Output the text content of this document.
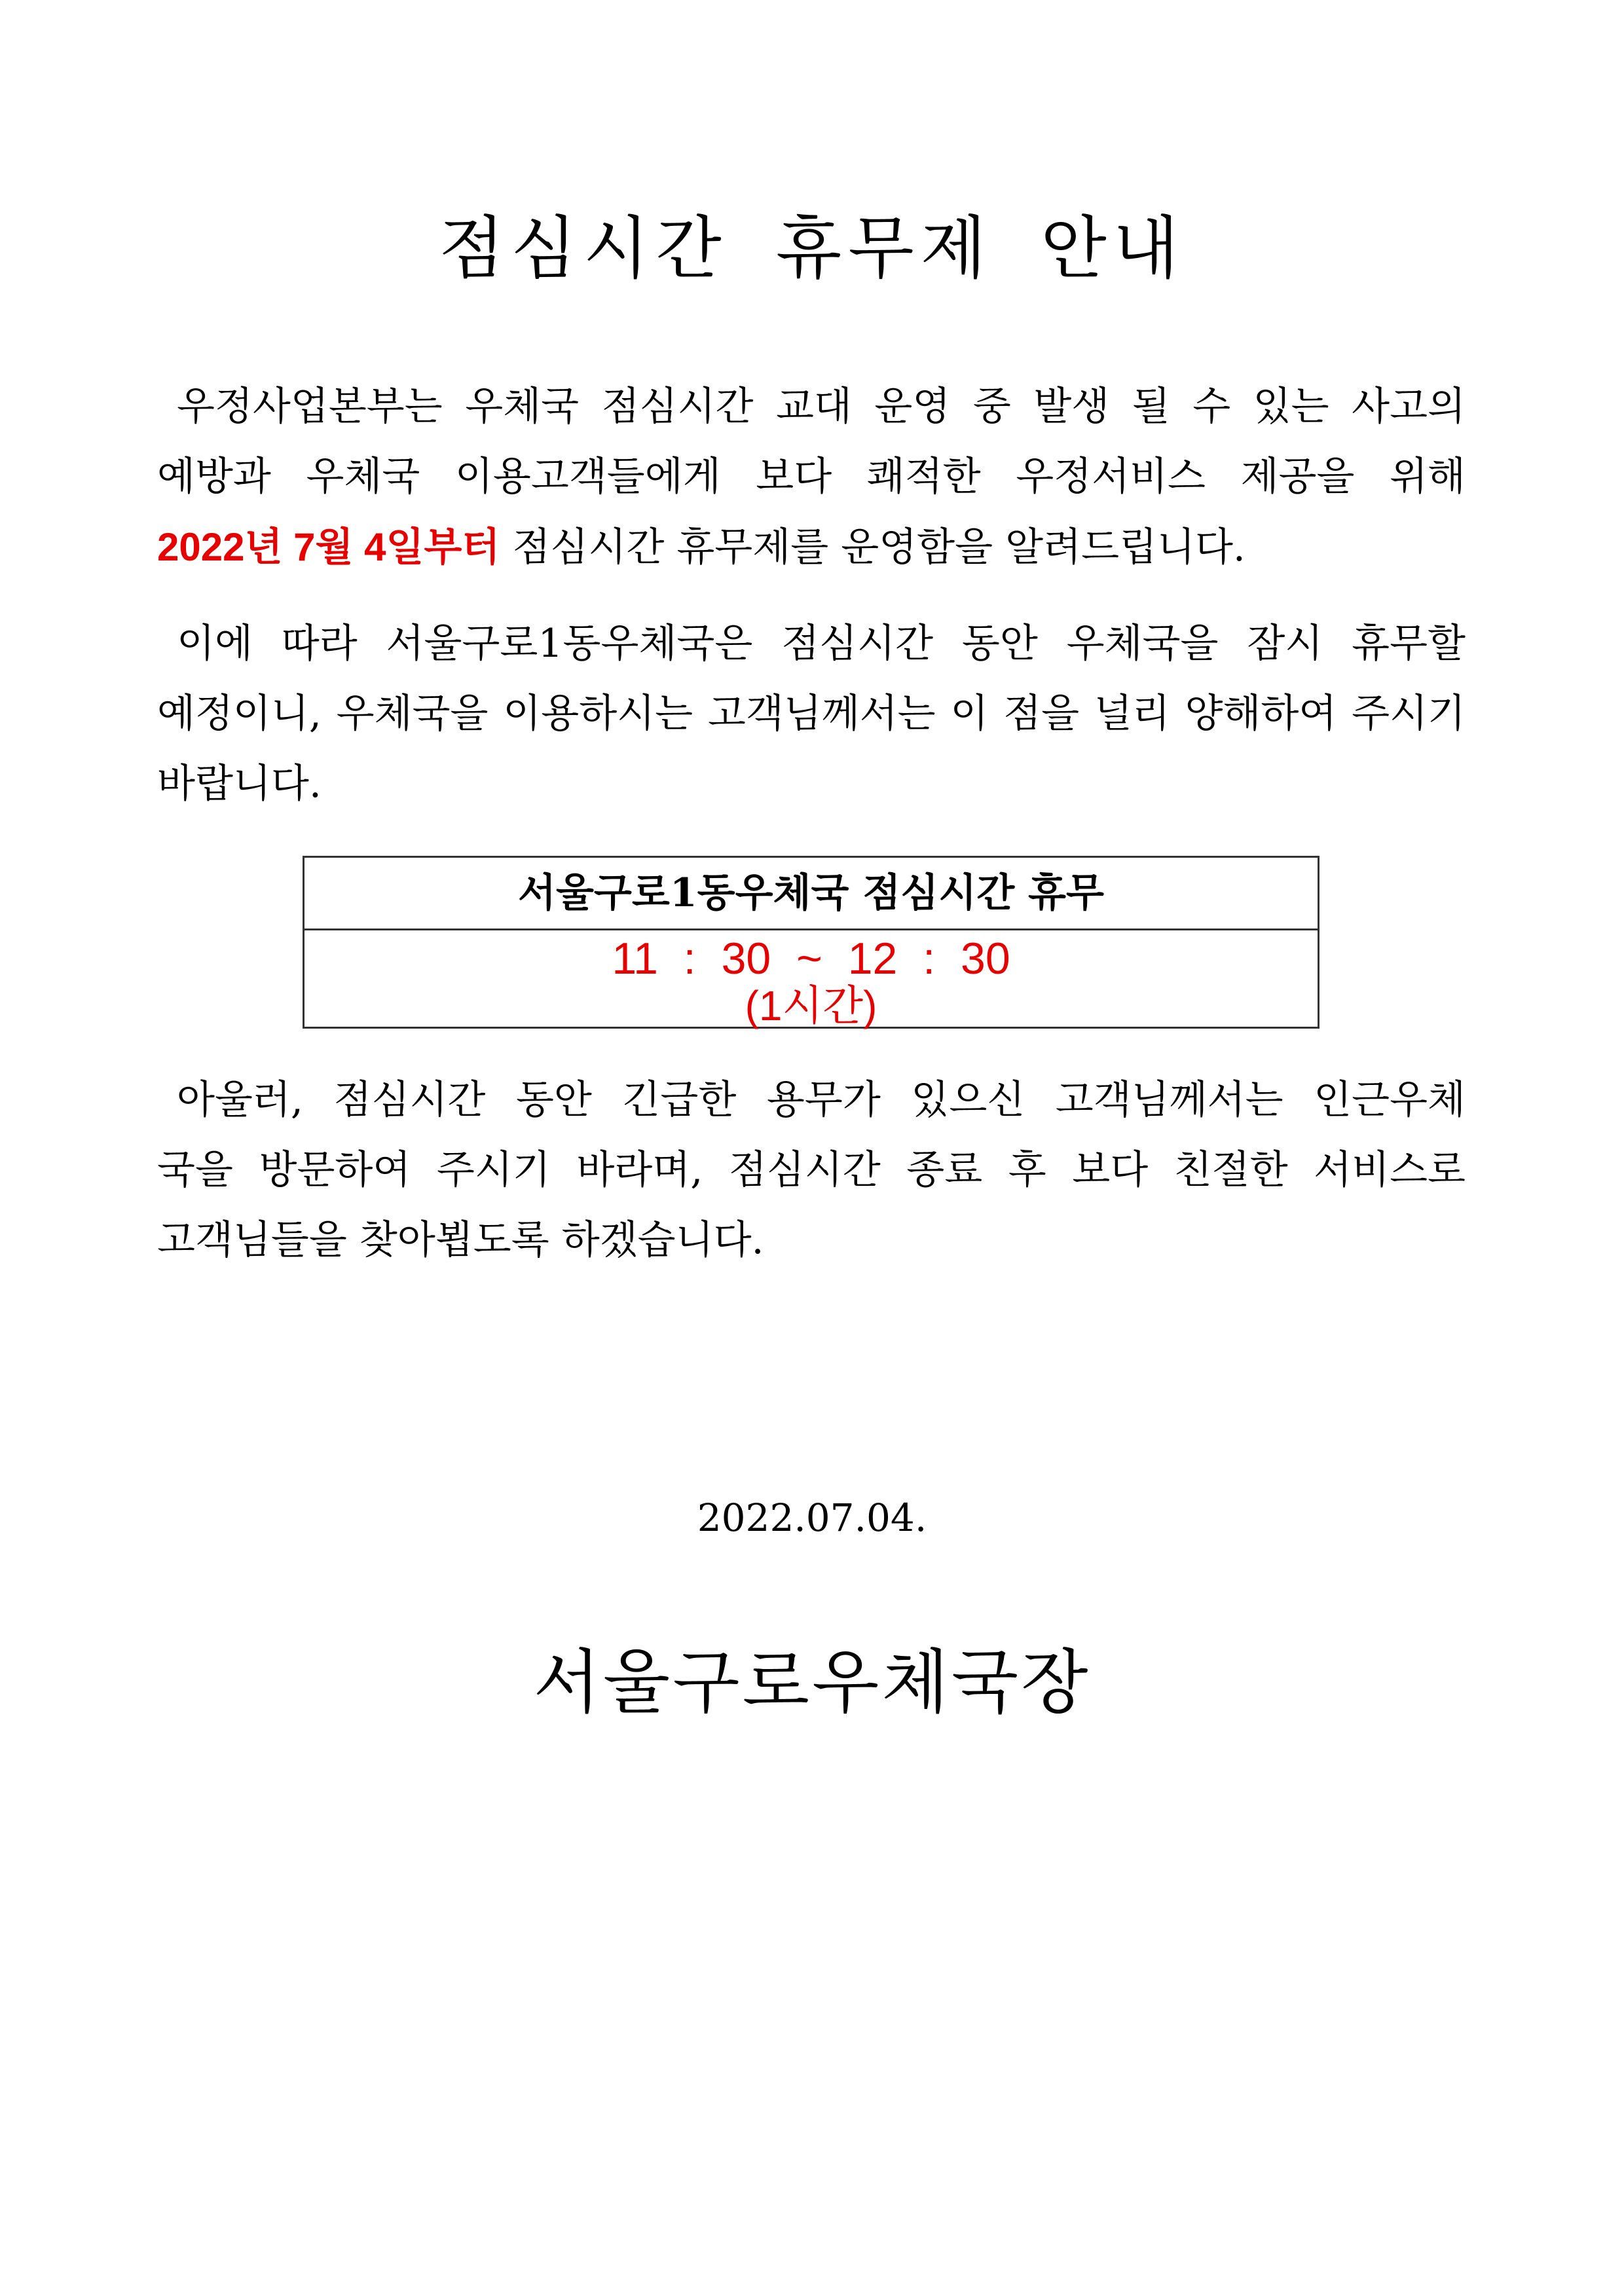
점심시간 휴무제 안내
우정사업본부는 우체국 점심시간 교대 운영 중 발생 될 수 있는 사고의
예방과 우체국 이용고객들에게 보다 쾌적한 우정서비스 제공을 위해
2022년 7월 4일부터 점심시간 휴무제를 운영함을 알려드립니다.
이에 따라 서울구로1동우체국은 점심시간 동안 우체국을 잠시 휴무할
예정이니, 우체국을 이용하시는 고객님께서는 이 점을 널리 양해하여 주시기
바랍니다.
서울구로1동우체국 점심시간 휴무
11 : 30 ~ 12 : 30
(1시간)
아울러, 점심시간 동안 긴급한 용무가 있으신 고객님께서는 인근우체
국을 방문하여 주시기 바라며, 점심시간 종료 후 보다 친절한 서비스로
고객님들을 찾아뵙도록 하겠습니다.
2022.07.04.
서울구로우체국장
